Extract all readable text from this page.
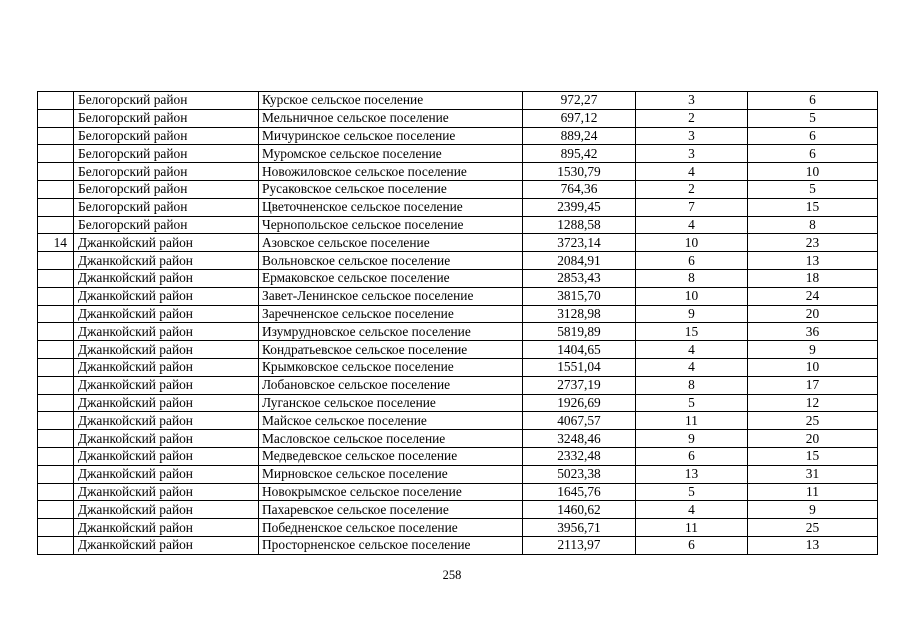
	Белогорский район	Курское сельское поселение	972,27	3	6
	Белогорский район	Мельничное сельское поселение	697,12	2	5
	Белогорский район	Мичуринское сельское поселение	889,24	3	6
	Белогорский район	Муромское сельское поселение	895,42	3	6
	Белогорский район	Новожиловское сельское поселение	1530,79	4	10
	Белогорский район	Русаковское сельское поселение	764,36	2	5
	Белогорский район	Цветочненское сельское поселение	2399,45	7	15
	Белогорский район	Чернопольское сельское поселение	1288,58	4	8
14	Джанкойский район	Азовское сельское поселение	3723,14	10	23
	Джанкойский район	Вольновское сельское поселение	2084,91	6	13
	Джанкойский район	Ермаковское сельское поселение	2853,43	8	18
	Джанкойский район	Завет-Ленинское сельское поселение	3815,70	10	24
	Джанкойский район	Заречненское сельское поселение	3128,98	9	20
	Джанкойский район	Изумрудновское сельское поселение	5819,89	15	36
	Джанкойский район	Кондратьевское сельское поселение	1404,65	4	9
	Джанкойский район	Крымковское сельское поселение	1551,04	4	10
	Джанкойский район	Лобановское сельское поселение	2737,19	8	17
	Джанкойский район	Луганское сельское поселение	1926,69	5	12
	Джанкойский район	Майское сельское поселение	4067,57	11	25
	Джанкойский район	Масловское сельское поселение	3248,46	9	20
	Джанкойский район	Медведевское сельское поселение	2332,48	6	15
	Джанкойский район	Мирновское сельское поселение	5023,38	13	31
	Джанкойский район	Новокрымское сельское поселение	1645,76	5	11
	Джанкойский район	Пахаревское сельское поселение	1460,62	4	9
	Джанкойский район	Победненское сельское поселение	3956,71	11	25
	Джанкойский район	Просторненское сельское поселение	2113,97	6	13
258
